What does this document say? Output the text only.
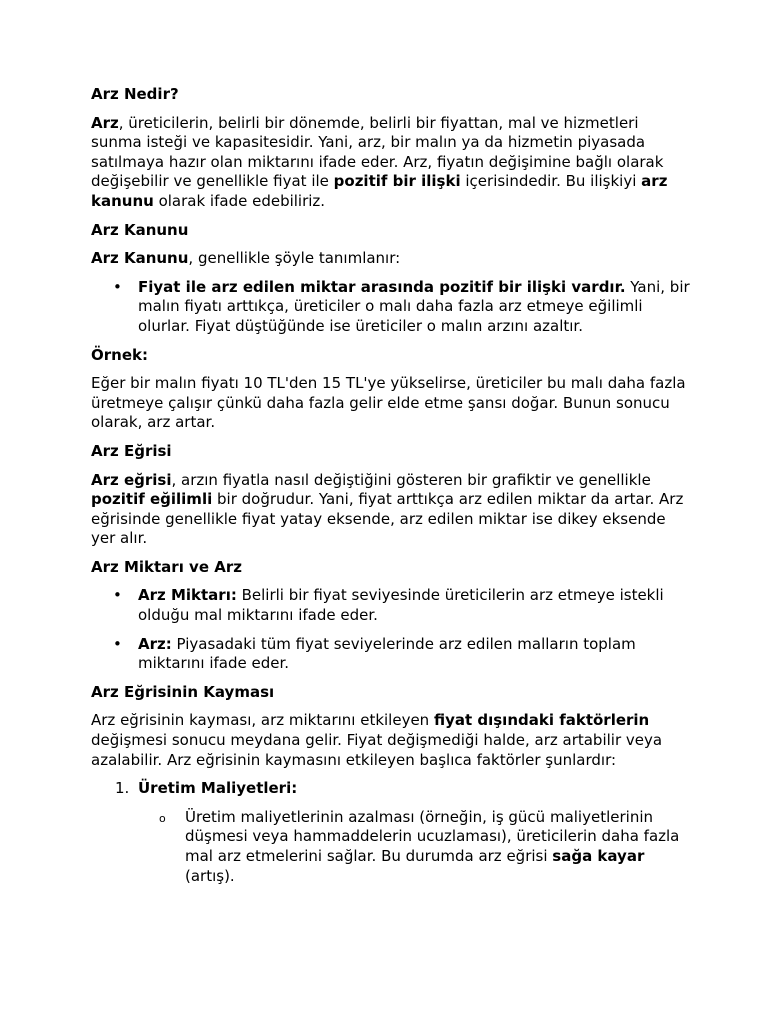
Arz Nedir?

Arz, üreticilerin, belirli bir dönemde, belirli bir fiyattan, mal ve hizmetleri sunma isteği ve kapasitesidir. Yani, arz, bir malın ya da hizmetin piyasada satılmaya hazır olan miktarını ifade eder. Arz, fiyatın değişimine bağlı olarak değişebilir ve genellikle fiyat ile pozitif bir ilişki içerisindedir. Bu ilişkiyi arz kanunu olarak ifade edebiliriz.

Arz Kanunu

Arz Kanunu, genellikle şöyle tanımlanır:

• Fiyat ile arz edilen miktar arasında pozitif bir ilişki vardır. Yani, bir malın fiyatı arttıkça, üreticiler o malı daha fazla arz etmeye eğilimli olurlar. Fiyat düştüğünde ise üreticiler o malın arzını azaltır.
Örnek:

Eğer bir malın fiyatı 10 TL'den 15 TL'ye yükselirse, üreticiler bu malı daha fazla üretmeye çalışır çünkü daha fazla gelir elde etme şansı doğar. Bunun sonucu olarak, arz artar.

Arz Eğrisi

Arz eğrisi, arzın fiyatla nasıl değiştiğini gösteren bir grafiktir ve genellikle pozitif eğilimli bir doğrudur. Yani, fiyat arttıkça arz edilen miktar da artar. Arz eğrisinde genellikle fiyat yatay eksende, arz edilen miktar ise dikey eksende yer alır.

Arz Miktarı ve Arz
• Arz Miktarı: Belirli bir fiyat seviyesinde üreticilerin arz etmeye istekli olduğu mal miktarını ifade eder.
• Arz: Piyasadaki tüm fiyat seviyelerinde arz edilen malların toplam miktarını ifade eder.
Arz Eğrisinin Kayması

Arz eğrisinin kayması, arz miktarını etkileyen fiyat dışındaki faktörlerin değişmesi sonucu meydana gelir. Fiyat değişmediği halde, arz artabilir veya azalabilir. Arz eğrisinin kaymasını etkileyen başlıca faktörler şunlardır:

1. Üretim Maliyetleri:
o Üretim maliyetlerinin azalması (örneğin, iş gücü maliyetlerinin düşmesi veya hammaddelerin ucuzlaması), üreticilerin daha fazla mal arz etmelerini sağlar. Bu durumda arz eğrisi sağa kayar (artış).
